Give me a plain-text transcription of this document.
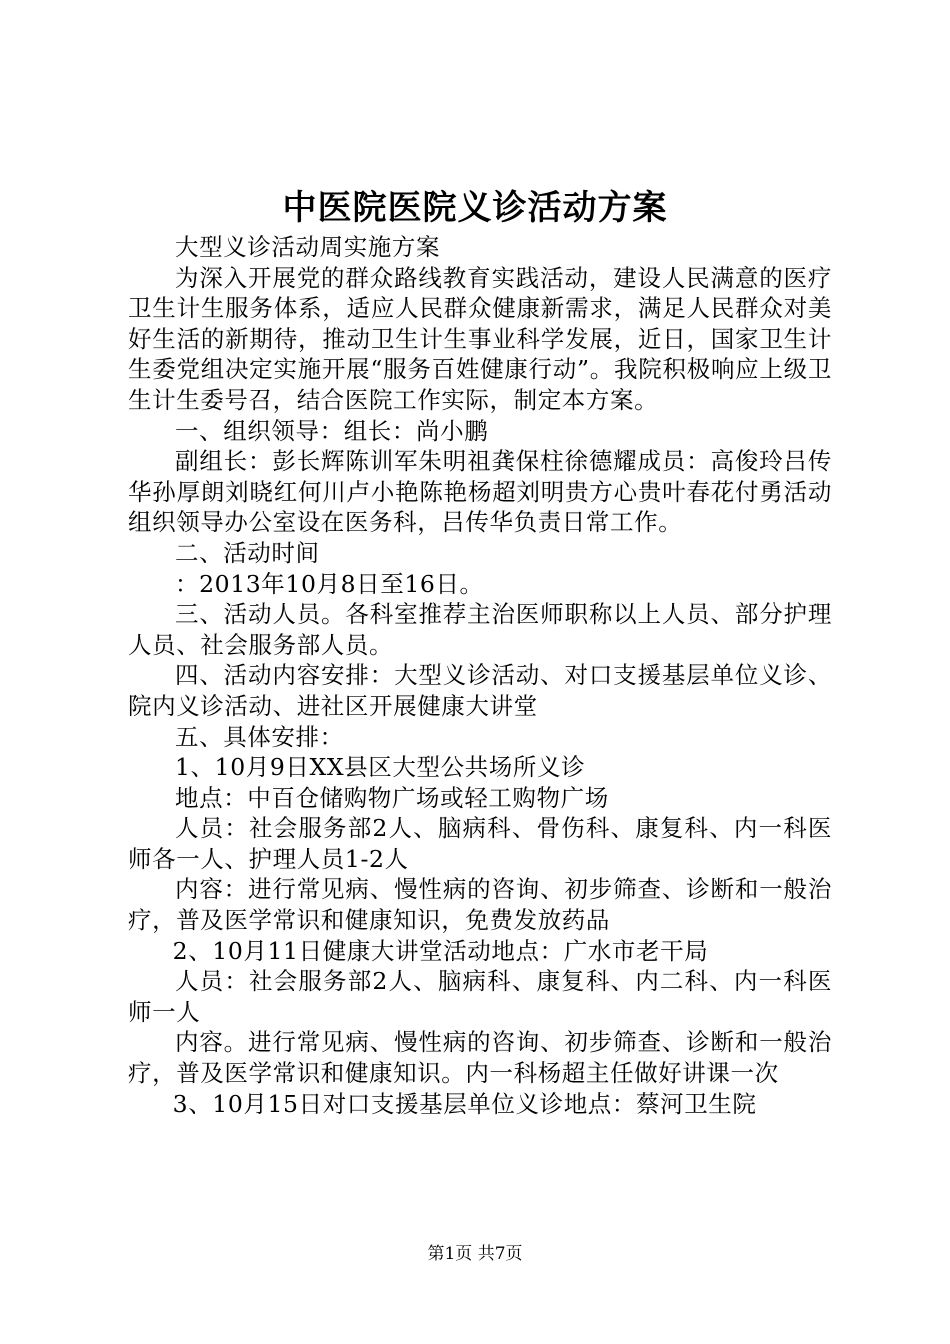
中医院医院义诊活动方案

大型义诊活动周实施方案

为深入开展党的群众路线教育实践活动，建设人民满意的医疗卫生计生服务体系，适应人民群众健康新需求，满足人民群众对美好生活的新期待，推动卫生计生事业科学发展，近日，国家卫生计生委党组决定实施开展“服务百姓健康行动”。我院积极响应上级卫生计生委号召，结合医院工作实际，制定本方案。

一、组织领导：组长：尚小鹏

副组长：彭长辉陈训军朱明祖龚保柱徐德耀成员：高俊玲吕传华孙厚朗刘晓红何川卢小艳陈艳杨超刘明贵方心贵叶春花付勇活动组织领导办公室设在医务科，吕传华负责日常工作。

二、活动时间

：2013年10月8日至16日。

三、活动人员。各科室推荐主治医师职称以上人员、部分护理人员、社会服务部人员。

四、活动内容安排：大型义诊活动、对口支援基层单位义诊、院内义诊活动、进社区开展健康大讲堂

五、具体安排：

1、10月9日XX县区大型公共场所义诊

地点：中百仓储购物广场或轻工购物广场

人员：社会服务部2人、脑病科、骨伤科、康复科、内一科医师各一人、护理人员1-2人

内容：进行常见病、慢性病的咨询、初步筛查、诊断和一般治疗，普及医学常识和健康知识，免费发放药品

2、10月11日健康大讲堂活动地点：广水市老干局

人员：社会服务部2人、脑病科、康复科、内二科、内一科医师一人

内容。进行常见病、慢性病的咨询、初步筛查、诊断和一般治疗，普及医学常识和健康知识。内一科杨超主任做好讲课一次

3、10月15日对口支援基层单位义诊地点：蔡河卫生院

第1页 共7页
